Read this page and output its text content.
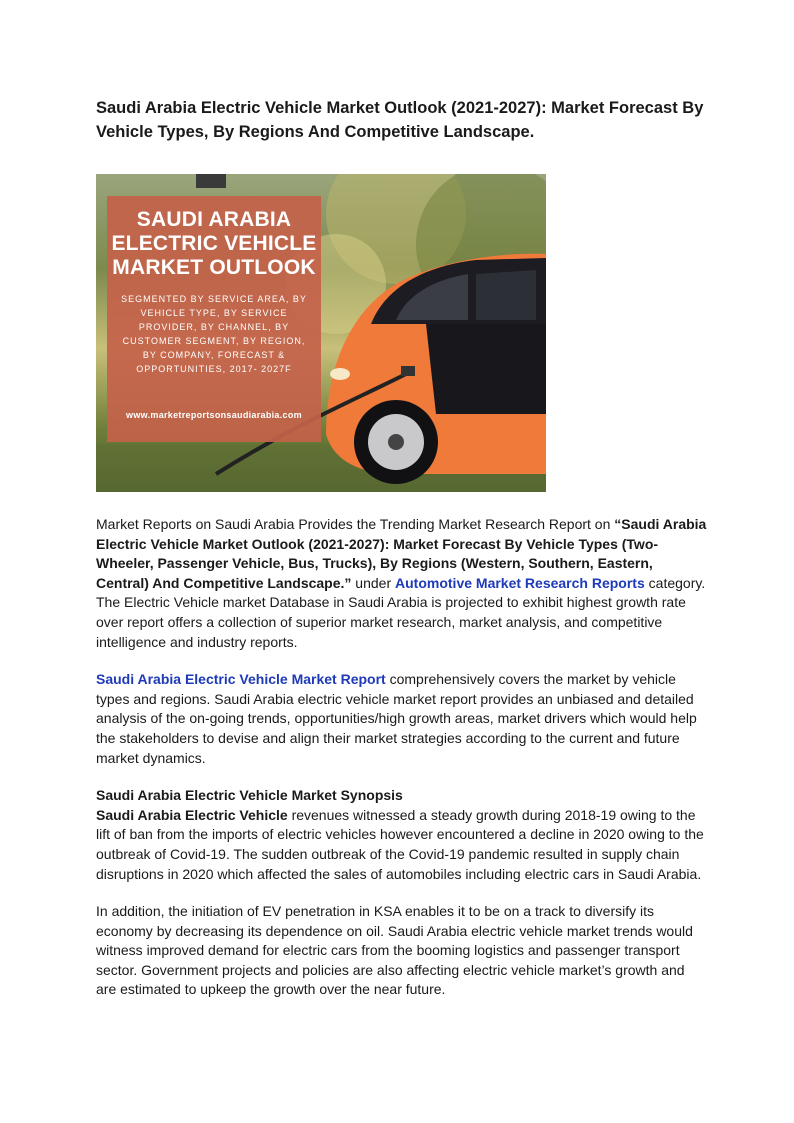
Saudi Arabia Electric Vehicle Market Outlook (2021-2027): Market Forecast By Vehicle Types, By Regions And Competitive Landscape.
SAUDI ARABIA
ELECTRIC VEHICLE
MARKET OUTLOOK
SEGMENTED BY SERVICE AREA, BY VEHICLE TYPE, BY SERVICE PROVIDER, BY CHANNEL, BY CUSTOMER SEGMENT, BY REGION, BY COMPANY, FORECAST & OPPORTUNITIES, 2017- 2027F
www.marketreportsonsaudiarabia.com

Market Reports on Saudi Arabia Provides the Trending Market Research Report on “Saudi Arabia Electric Vehicle Market Outlook (2021-2027): Market Forecast By Vehicle Types (Two-Wheeler, Passenger Vehicle, Bus, Trucks), By Regions (Western, Southern, Eastern, Central) And Competitive Landscape.” under Automotive Market Research Reports category. The Electric Vehicle market Database in Saudi Arabia is projected to exhibit highest growth rate over report offers a collection of superior market research, market analysis, and competitive intelligence and industry reports.

Saudi Arabia Electric Vehicle Market Report comprehensively covers the market by vehicle types and regions. Saudi Arabia electric vehicle market report provides an unbiased and detailed analysis of the on-going trends, opportunities/high growth areas, market drivers which would help the stakeholders to devise and align their market strategies according to the current and future market dynamics.

Saudi Arabia Electric Vehicle Market Synopsis
Saudi Arabia Electric Vehicle revenues witnessed a steady growth during 2018-19 owing to the lift of ban from the imports of electric vehicles however encountered a decline in 2020 owing to the outbreak of Covid-19. The sudden outbreak of the Covid-19 pandemic resulted in supply chain disruptions in 2020 which affected the sales of automobiles including electric cars in Saudi Arabia.

In addition, the initiation of EV penetration in KSA enables it to be on a track to diversify its economy by decreasing its dependence on oil. Saudi Arabia electric vehicle market trends would witness improved demand for electric cars from the booming logistics and passenger transport sector. Government projects and policies are also affecting electric vehicle market’s growth and are estimated to upkeep the growth over the near future.
